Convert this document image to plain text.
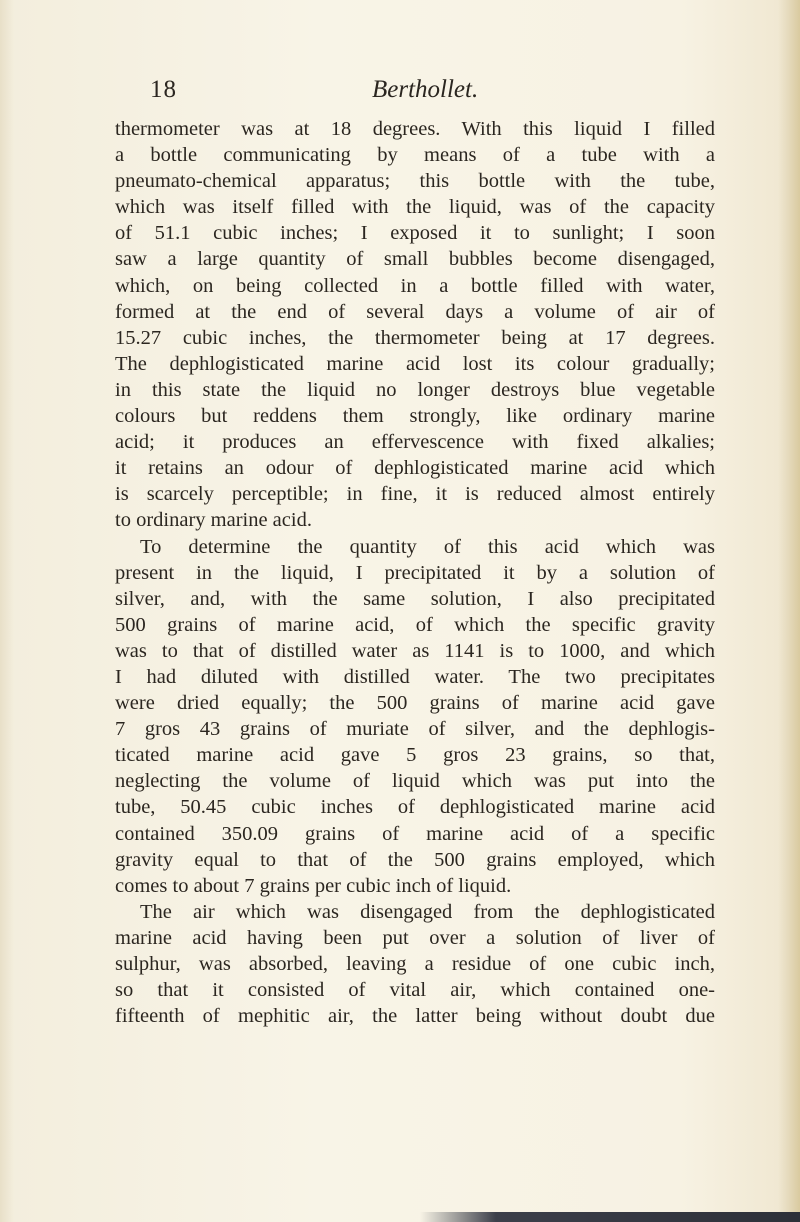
18	Berthollet.
thermometer was at 18 degrees. With this liquid I filled
a bottle communicating by means of a tube with a
pneumato-chemical apparatus; this bottle with the tube,
which was itself filled with the liquid, was of the capacity
of 51.1 cubic inches; I exposed it to sunlight; I soon
saw a large quantity of small bubbles become disengaged,
which, on being collected in a bottle filled with water,
formed at the end of several days a volume of air of
15.27 cubic inches, the thermometer being at 17 degrees.
The dephlogisticated marine acid lost its colour gradually;
in this state the liquid no longer destroys blue vegetable
colours but reddens them strongly, like ordinary marine
acid; it produces an effervescence with fixed alkalies;
it retains an odour of dephlogisticated marine acid which
is scarcely perceptible; in fine, it is reduced almost entirely
to ordinary marine acid.
To determine the quantity of this acid which was
present in the liquid, I precipitated it by a solution of
silver, and, with the same solution, I also precipitated
500 grains of marine acid, of which the specific gravity
was to that of distilled water as 1141 is to 1000, and which
I had diluted with distilled water. The two precipitates
were dried equally; the 500 grains of marine acid gave
7 gros 43 grains of muriate of silver, and the dephlogis-
ticated marine acid gave 5 gros 23 grains, so that,
neglecting the volume of liquid which was put into the
tube, 50.45 cubic inches of dephlogisticated marine acid
contained 350.09 grains of marine acid of a specific
gravity equal to that of the 500 grains employed, which
comes to about 7 grains per cubic inch of liquid.
The air which was disengaged from the dephlogisticated
marine acid having been put over a solution of liver of
sulphur, was absorbed, leaving a residue of one cubic inch,
so that it consisted of vital air, which contained one-
fifteenth of mephitic air, the latter being without doubt due
